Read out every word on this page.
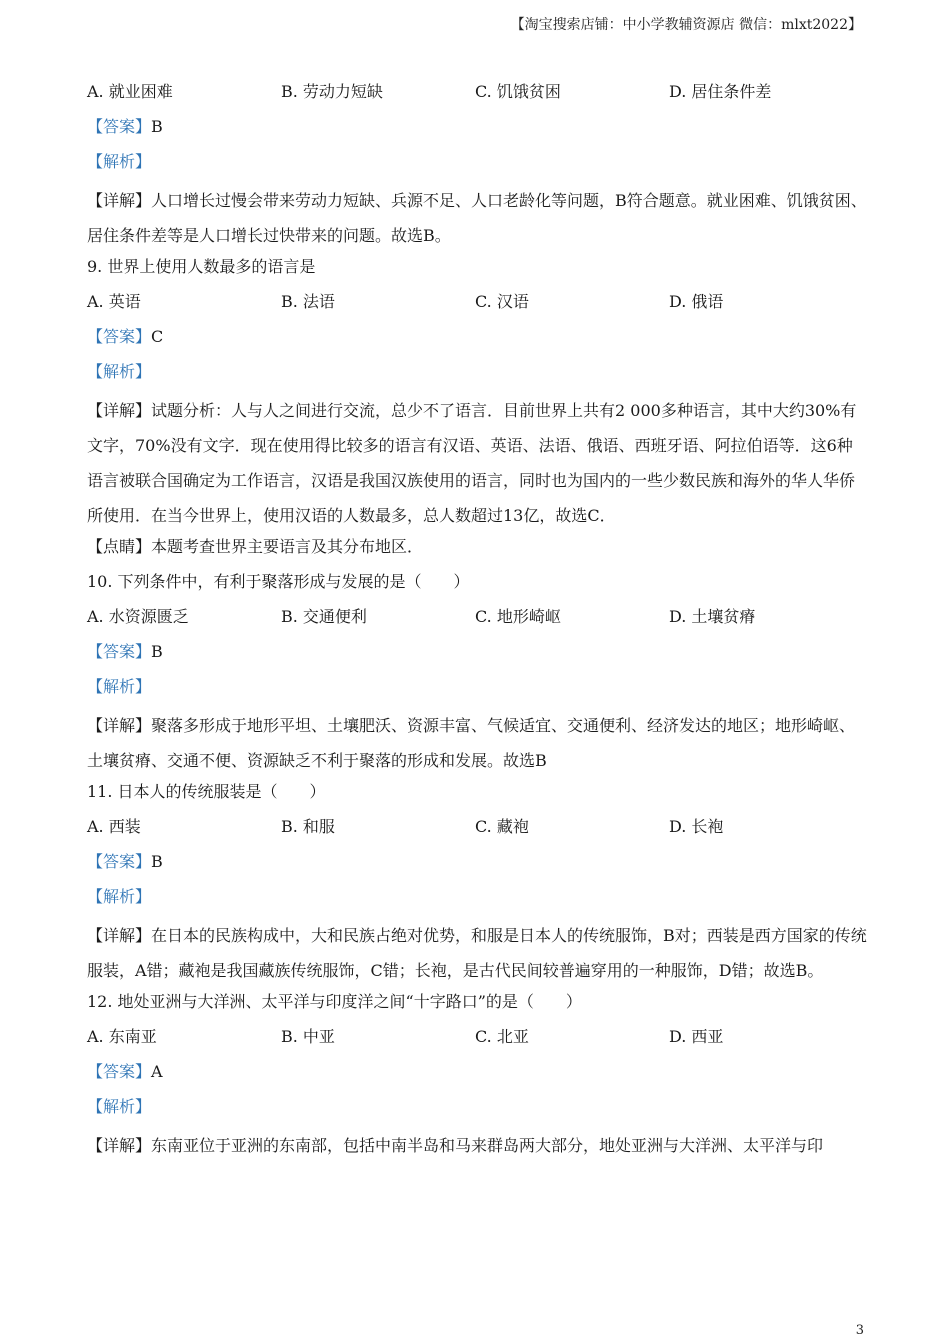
【淘宝搜索店铺：中小学教辅资源店 微信：mlxt2022】
A. 就业困难	B. 劳动力短缺	C. 饥饿贫困	D. 居住条件差
【答案】B
【解析】
【详解】人口增长过慢会带来劳动力短缺、兵源不足、人口老龄化等问题，B符合题意。就业困难、饥饿贫困、居住条件差等是人口增长过快带来的问题。故选B。
9. 世界上使用人数最多的语言是
A. 英语	B. 法语	C. 汉语	D. 俄语
【答案】C
【解析】
【详解】试题分析：人与人之间进行交流，总少不了语言．目前世界上共有2 000多种语言，其中大约30%有文字，70%没有文字．现在使用得比较多的语言有汉语、英语、法语、俄语、西班牙语、阿拉伯语等．这6种语言被联合国确定为工作语言，汉语是我国汉族使用的语言，同时也为国内的一些少数民族和海外的华人华侨所使用．在当今世界上，使用汉语的人数最多，总人数超过13亿，故选C．
【点睛】本题考查世界主要语言及其分布地区．
10. 下列条件中，有利于聚落形成与发展的是（　　）
A. 水资源匮乏	B. 交通便利	C. 地形崎岖	D. 土壤贫瘠
【答案】B
【解析】
【详解】聚落多形成于地形平坦、土壤肥沃、资源丰富、气候适宜、交通便利、经济发达的地区；地形崎岖、土壤贫瘠、交通不便、资源缺乏不利于聚落的形成和发展。故选B
11. 日本人的传统服装是（　　）
A. 西装	B. 和服	C. 藏袍	D. 长袍
【答案】B
【解析】
【详解】在日本的民族构成中，大和民族占绝对优势，和服是日本人的传统服饰，B对；西装是西方国家的传统服装，A错；藏袍是我国藏族传统服饰，C错；长袍，是古代民间较普遍穿用的一种服饰，D错；故选B。
12. 地处亚洲与大洋洲、太平洋与印度洋之间“十字路口”的是（　　）
A. 东南亚	B. 中亚	C. 北亚	D. 西亚
【答案】A
【解析】
【详解】东南亚位于亚洲的东南部，包括中南半岛和马来群岛两大部分，地处亚洲与大洋洲、太平洋与印
3
